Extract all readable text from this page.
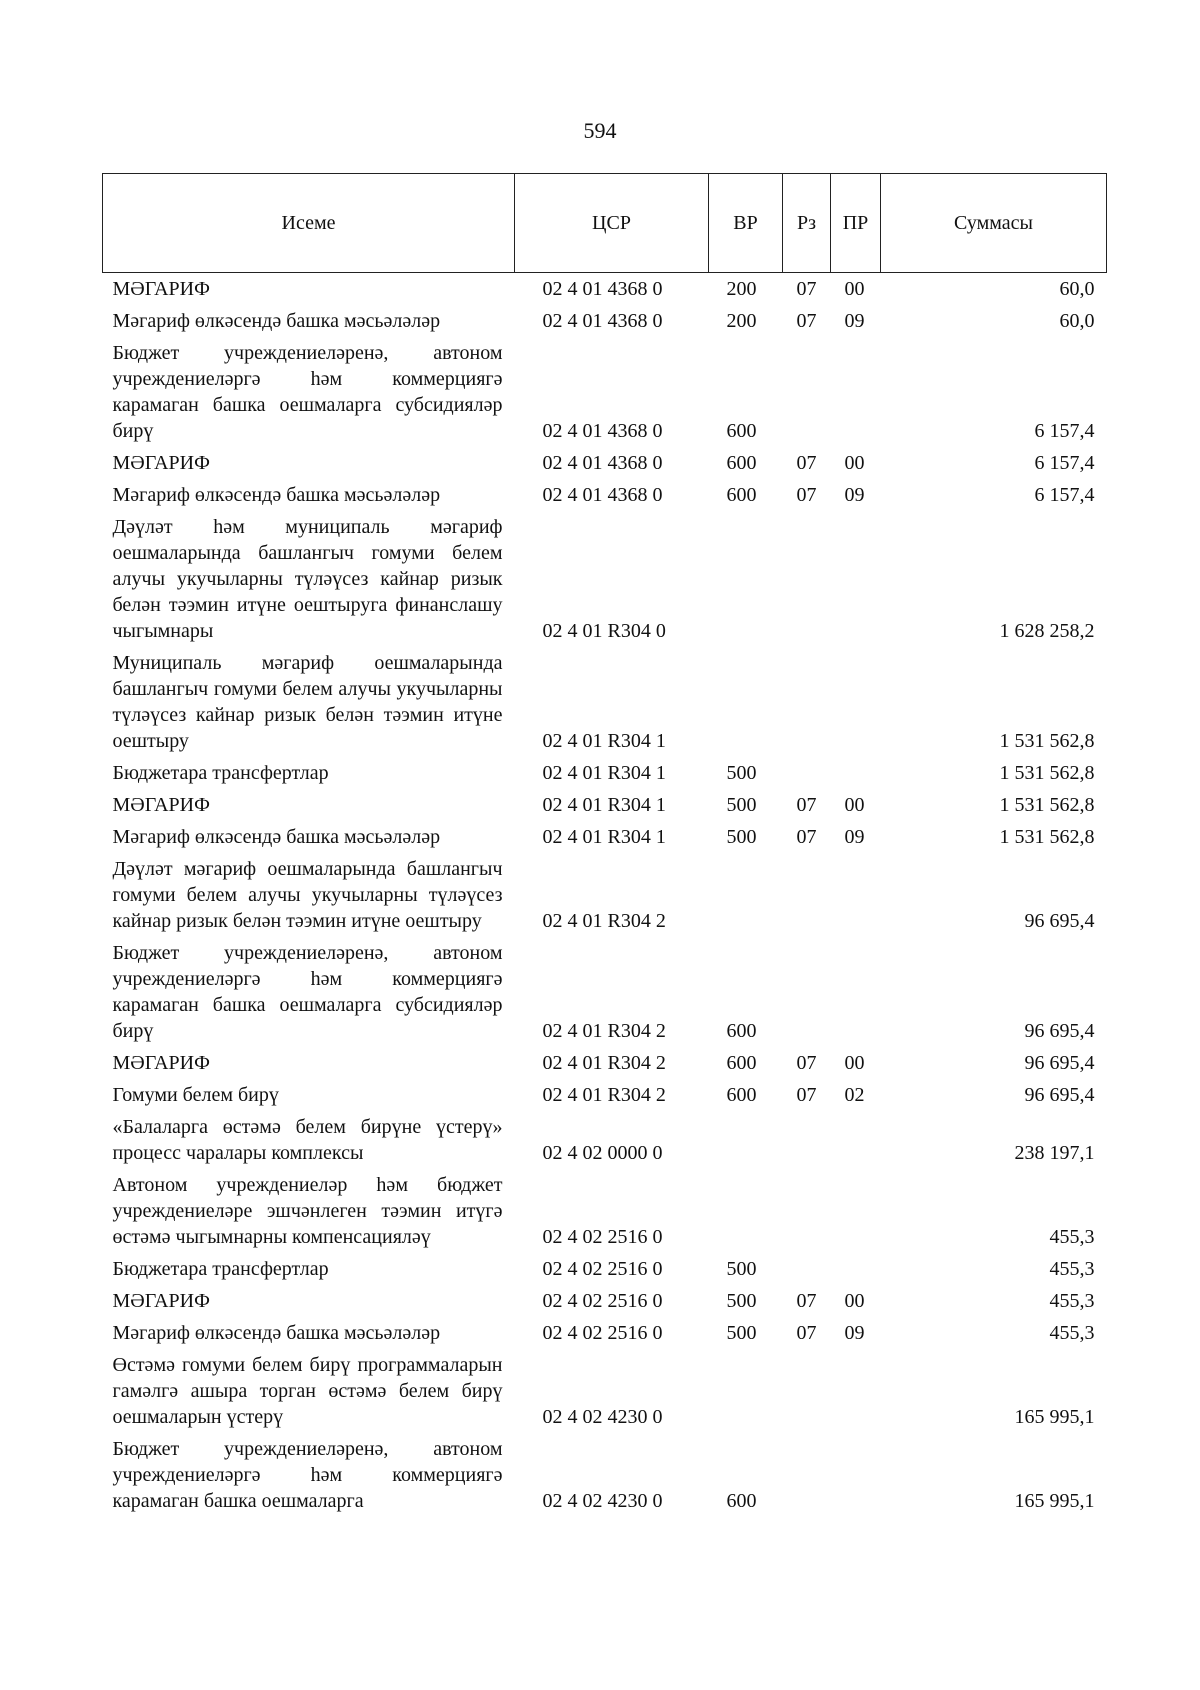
594
Исеме	ЦСР	ВР	Рз	ПР	Суммасы
МӘГАРИФ	02 4 01 4368 0	200	07	00	60,0
Мәгариф өлкәсендә башка мәсьәләләр	02 4 01 4368 0	200	07	09	60,0
Бюджет учреждениеләренә, автоном учреждениеләргә һәм коммерциягә карамаган башка оешмаларга субсидияләр бирү	02 4 01 4368 0	600			6 157,4
МӘГАРИФ	02 4 01 4368 0	600	07	00	6 157,4
Мәгариф өлкәсендә башка мәсьәләләр	02 4 01 4368 0	600	07	09	6 157,4
Дәүләт һәм муниципаль мәгариф оешмаларында башлангыч гомуми белем алучы укучыларны түләүсез кайнар ризык белән тәэмин итүне оештыруга финанслашу чыгымнары	02 4 01 R304 0				1 628 258,2
Муниципаль мәгариф оешмаларында башлангыч гомуми белем алучы укучыларны түләүсез кайнар ризык белән тәэмин итүне оештыру	02 4 01 R304 1				1 531 562,8
Бюджетара трансфертлар	02 4 01 R304 1	500			1 531 562,8
МӘГАРИФ	02 4 01 R304 1	500	07	00	1 531 562,8
Мәгариф өлкәсендә башка мәсьәләләр	02 4 01 R304 1	500	07	09	1 531 562,8
Дәүләт мәгариф оешмаларында башлангыч гомуми белем алучы укучыларны түләүсез кайнар ризык белән тәэмин итүне оештыру	02 4 01 R304 2				96 695,4
Бюджет учреждениеләренә, автоном учреждениеләргә һәм коммерциягә карамаган башка оешмаларга субсидияләр бирү	02 4 01 R304 2	600			96 695,4
МӘГАРИФ	02 4 01 R304 2	600	07	00	96 695,4
Гомуми белем бирү	02 4 01 R304 2	600	07	02	96 695,4
«Балаларга өстәмә белем бирүне үстерү» процесс чаралары комплексы	02 4 02 0000 0				238 197,1
Автоном учреждениеләр һәм бюджет учреждениеләре эшчәнлеген тәэмин итүгә өстәмә чыгымнарны компенсацияләү	02 4 02 2516 0				455,3
Бюджетара трансфертлар	02 4 02 2516 0	500			455,3
МӘГАРИФ	02 4 02 2516 0	500	07	00	455,3
Мәгариф өлкәсендә башка мәсьәләләр	02 4 02 2516 0	500	07	09	455,3
Өстәмә гомуми белем бирү программаларын гамәлгә ашыра торган өстәмә белем бирү оешмаларын үстерү	02 4 02 4230 0				165 995,1
Бюджет учреждениеләренә, автоном учреждениеләргә һәм коммерциягә карамаган башка оешмаларга	02 4 02 4230 0	600			165 995,1
